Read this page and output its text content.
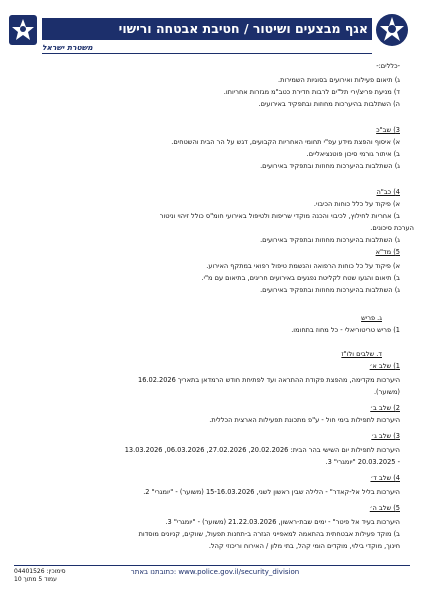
אגף מבצעים ושיטור / חטיבת אבטחה ורישוי
משטרת ישראל
-כללים:-
ג) תיאום פעילות ואירועים בסוגיות השמירות.
ד) מניעת פריצ/ירי תל"ים לרבות חדירת כטב"מ מגזרות אחריותו.
ה) השתלבות בהיערכות מחוזות ובתפקיד באירועים.
3) שב"כ
א) איסוף והפצת מידע עפ"י תחומי האחריות הקבועים, דגש על הר הבית והשטחים.
ב) איתור גורמי סיכון פוטנציאליים.
ג) השתלבות בהיערכות מחוזות ובתפקיד באירועים.
4) כב"ה
א) פיקוד על כלל כוחות הכיבוי.
ב) אחריות לחילוץ, לכיבוי והכנה מוקדי שריפות ולטיפול באירועי חומ"ס כולל זיהוי וניטור
הערכת סיכונים.
ג) השתלבות בהיערכות מחוזות ובתפקיד באירועים.
5) מד"א
א) פיקוד על כל כוחות הרפואה והנשמת טיפול רפואי במתקף האירוע.
ב) תיאום והגעו שטח לקליטת נפגעים באירועים חריגים, בתיאום עם מ"י.
ג) השתלבות בהיערכות מחוזות ובתפקיד באירועים.
ג. פריש
1) פריש טריטוריאלי - כל מחוז בתחומו.
ד. שלבים ולו"ז
1) שלב א׳
היערכות מקדימה, מהפצת פקודת ההתראה ועד לפתיחת חודש הרמדאן בתאריך 16.02.2026
(משוער).
2) שלב ב׳
היערכות לתפילות בימי חול - ע"פ מתכונת תפעילות הארצית הכללית.
3) שלב ג׳
היערכות לתפילות יום השישי בהר הבית: 20.02.2026, 27.02.2026, 06.03.2026, 13.03.2026
- 20.03.2025 "יומגרי" 3.
4) שלב ד׳
היערכות בליל אל-קאדר" - הלילה שבין ראשון לשני, 15-16.03.2026 (משוער) - "יומגרי" 2.
5) שלב ה׳
היערכות בעיד אל פיטר" - ימים שבת-ראשון, 21.22.03.2026 (משוער) - "יומגרי" 3.
ב) מוקד פעילות אבטחתית בהתאמה למאפייני הגזרה ב-תחנות תפעול, שווקים, קניונים מוסדות
חינוך, מוקדי בילוי, מוקדים הומי קהל, בתי מלון / האירוח וריכוזי קהל.
www.police.gov.il/security_division :כתובתנו באתר
סימוכין: 04401526
עמוד 5 מתוך 10
